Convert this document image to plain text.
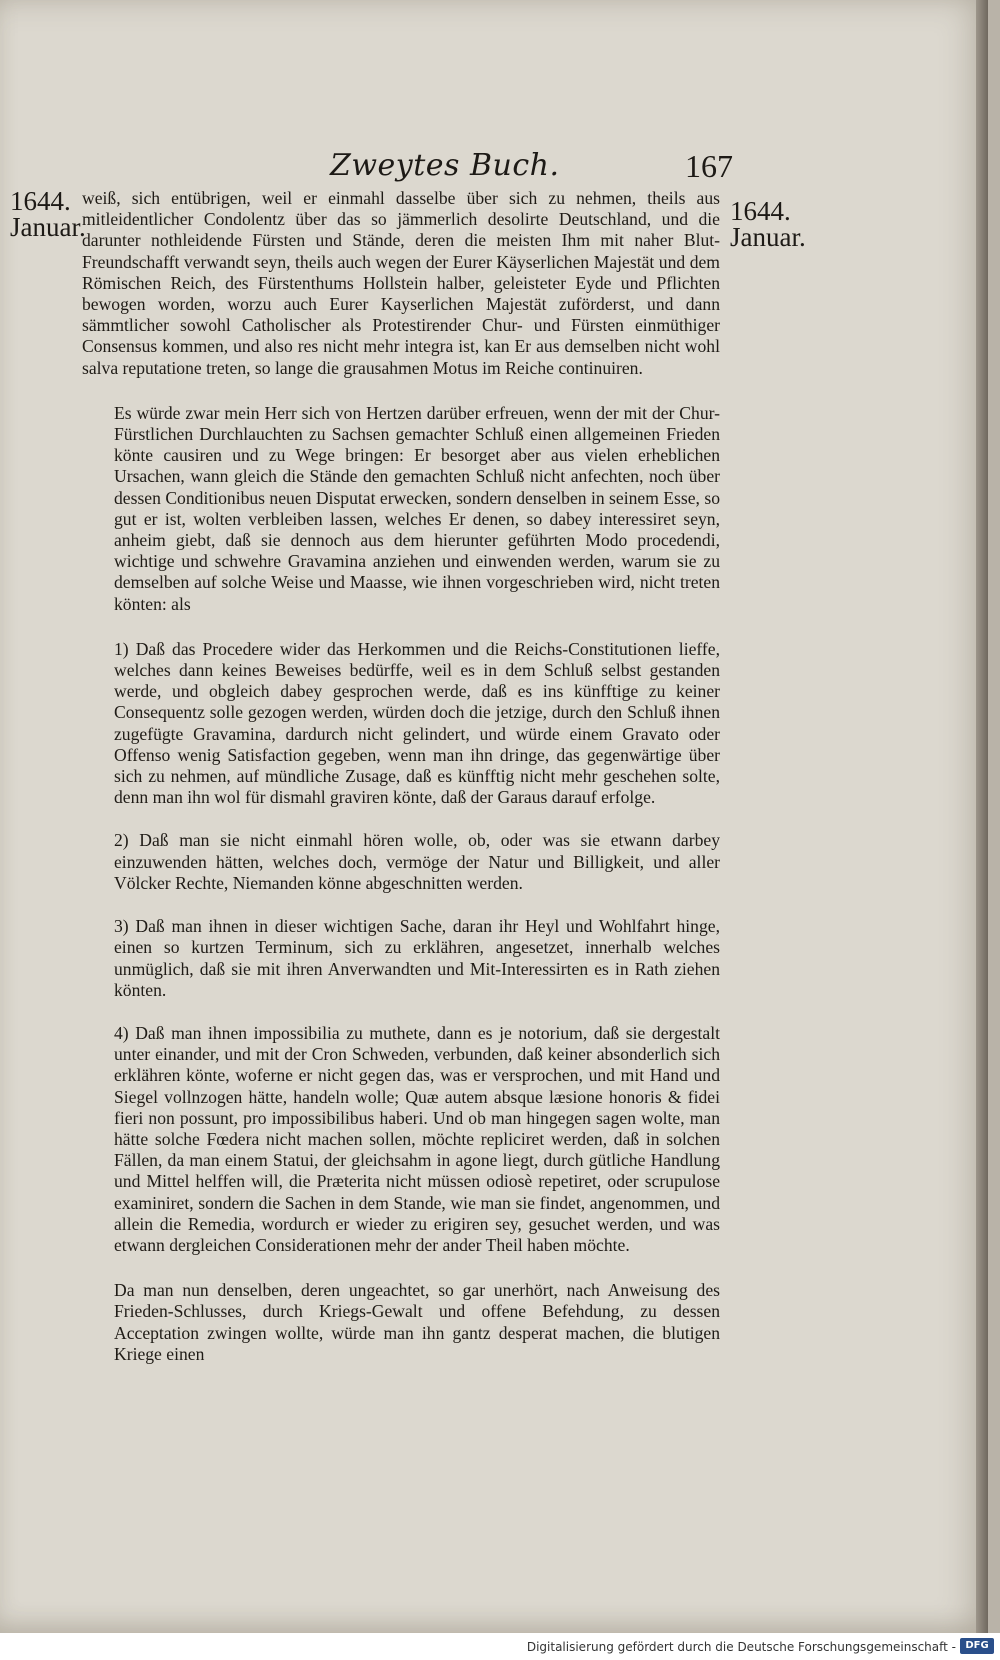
Zweytes Buch.	167
1644.
Januar.
1644.
Januar.

weiß, sich entübrigen, weil er einmahl dasselbe über sich zu nehmen, theils aus mitleidentlicher Condolentz über das so jämmerlich desolirte Deutschland, und die darunter nothleidende Fürsten und Stände, deren die meisten Ihm mit naher Blut-Freundschafft verwandt seyn, theils auch wegen der Eurer Käyserlichen Majestät und dem Römischen Reich, des Fürstenthums Hollstein halber, geleisteter Eyde und Pflichten bewogen worden, worzu auch Eurer Kayserlichen Majestät zuförderst, und dann sämmtlicher sowohl Catholischer als Protestirender Chur- und Fürsten einmüthiger Consensus kommen, und also res nicht mehr integra ist, kan Er aus demselben nicht wohl salva reputatione treten, so lange die grausahmen Motus im Reiche continuiren.

Es würde zwar mein Herr sich von Hertzen darüber erfreuen, wenn der mit der Chur-Fürstlichen Durchlauchten zu Sachsen gemachter Schluß einen allgemeinen Frieden könte causiren und zu Wege bringen: Er besorget aber aus vielen erheblichen Ursachen, wann gleich die Stände den gemachten Schluß nicht anfechten, noch über dessen Conditionibus neuen Disputat erwecken, sondern denselben in seinem Esse, so gut er ist, wolten verbleiben lassen, welches Er denen, so dabey interessiret seyn, anheim giebt, daß sie dennoch aus dem hierunter geführten Modo procedendi, wichtige und schwehre Gravamina anziehen und einwenden werden, warum sie zu demselben auf solche Weise und Maasse, wie ihnen vorgeschrieben wird, nicht treten könten: als

1) Daß das Procedere wider das Herkommen und die Reichs-Constitutionen lieffe, welches dann keines Beweises bedürffe, weil es in dem Schluß selbst gestanden werde, und obgleich dabey gesprochen werde, daß es ins künfftige zu keiner Consequentz solle gezogen werden, würden doch die jetzige, durch den Schluß ihnen zugefügte Gravamina, dardurch nicht gelindert, und würde einem Gravato oder Offenso wenig Satisfaction gegeben, wenn man ihn dringe, das gegenwärtige über sich zu nehmen, auf mündliche Zusage, daß es künfftig nicht mehr geschehen solte, denn man ihn wol für dismahl graviren könte, daß der Garaus darauf erfolge.

2) Daß man sie nicht einmahl hören wolle, ob, oder was sie etwann darbey einzuwenden hätten, welches doch, vermöge der Natur und Billigkeit, und aller Völcker Rechte, Niemanden könne abgeschnitten werden.

3) Daß man ihnen in dieser wichtigen Sache, daran ihr Heyl und Wohlfahrt hinge, einen so kurtzen Terminum, sich zu erklähren, angesetzet, innerhalb welches unmüglich, daß sie mit ihren Anverwandten und Mit-Interessirten es in Rath ziehen könten.

4) Daß man ihnen impossibilia zu muthete, dann es je notorium, daß sie dergestalt unter einander, und mit der Cron Schweden, verbunden, daß keiner absonderlich sich erklähren könte, woferne er nicht gegen das, was er versprochen, und mit Hand und Siegel vollnzogen hätte, handeln wolle; Quæ autem absque læsione honoris & fidei fieri non possunt, pro impossibilibus haberi. Und ob man hingegen sagen wolte, man hätte solche Fœdera nicht machen sollen, möchte repliciret werden, daß in solchen Fällen, da man einem Statui, der gleichsahm in agone liegt, durch gütliche Handlung und Mittel helffen will, die Præterita nicht müssen odiosè repetiret, oder scrupulose examiniret, sondern die Sachen in dem Stande, wie man sie findet, angenommen, und allein die Remedia, wordurch er wieder zu erigiren sey, gesuchet werden, und was etwann dergleichen Considerationen mehr der ander Theil haben möchte.

Da man nun denselben, deren ungeachtet, so gar unerhört, nach Anweisung des Frieden-Schlusses, durch Kriegs-Gewalt und offene Befehdung, zu dessen Acceptation zwingen wollte, würde man ihn gantz desperat machen, die blutigen Kriege einen

Digitalisierung gefördert durch die Deutsche Forschungsgemeinschaft - DFG
